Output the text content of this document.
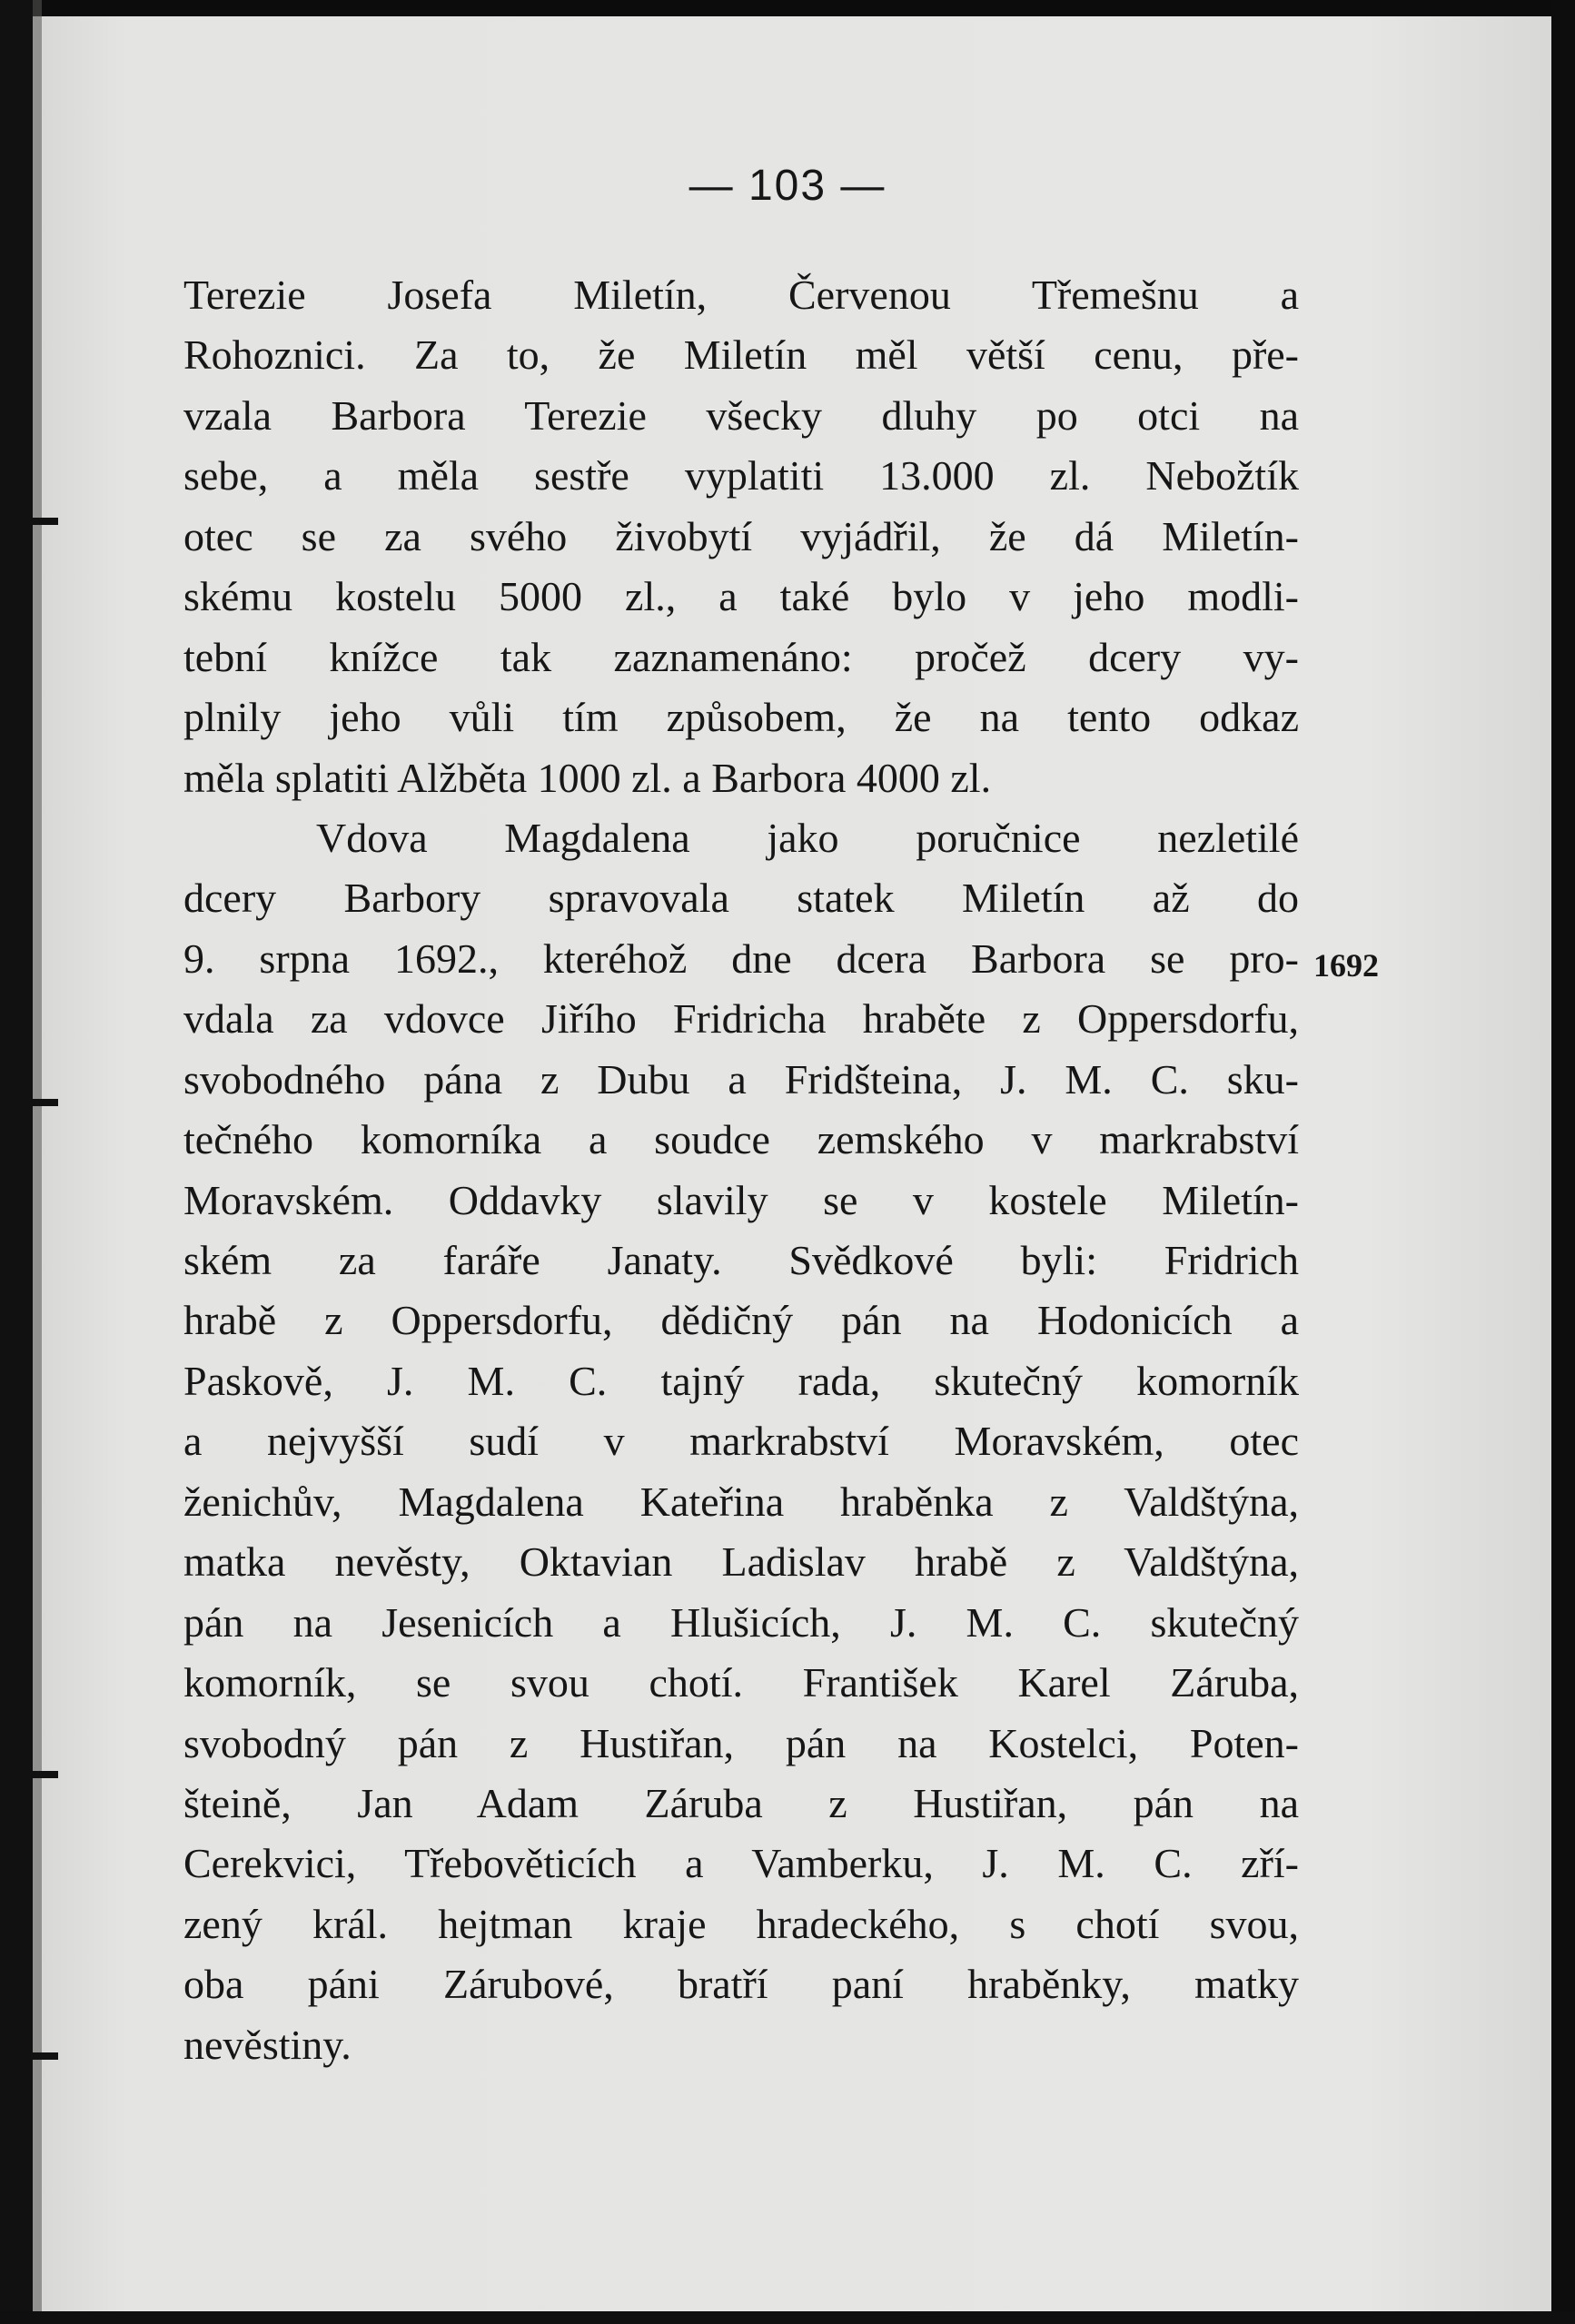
— 103 —
Terezie Josefa Miletín, Červenou Třemešnu a
Rohoznici. Za to, že Miletín měl větší cenu, pře-
vzala Barbora Terezie všecky dluhy po otci na
sebe, a měla sestře vyplatiti 13.000 zl. Nebožtík
otec se za svého živobytí vyjádřil, že dá Miletín-
skému kostelu 5000 zl., a také bylo v jeho modli-
tební knížce tak zaznamenáno: pročež dcery vy-
plnily jeho vůli tím způsobem, že na tento odkaz
měla splatiti Alžběta 1000 zl. a Barbora 4000 zl.
Vdova Magdalena jako poručnice nezletilé
dcery Barbory spravovala statek Miletín až do
9. srpna 1692., kteréhož dne dcera Barbora se pro-
vdala za vdovce Jiřího Fridricha hraběte z Oppersdorfu,
svobodného pána z Dubu a Fridšteina, J. M. C. sku-
tečného komorníka a soudce zemského v markrabství
Moravském. Oddavky slavily se v kostele Miletín-
ském za faráře Janaty. Svědkové byli: Fridrich
hrabě z Oppersdorfu, dědičný pán na Hodonicích a
Paskově, J. M. C. tajný rada, skutečný komorník
a nejvyšší sudí v markrabství Moravském, otec
ženichův, Magdalena Kateřina hraběnka z Valdštýna,
matka nevěsty, Oktavian Ladislav hrabě z Valdštýna,
pán na Jesenicích a Hlušicích, J. M. C. skutečný
komorník, se svou chotí. František Karel Záruba,
svobodný pán z Hustiřan, pán na Kostelci, Poten-
šteině, Jan Adam Záruba z Hustiřan, pán na
Cerekvici, Třebověticích a Vamberku, J. M. C. zří-
zený král. hejtman kraje hradeckého, s chotí svou,
oba páni Zárubové, bratří paní hraběnky, matky
nevěstiny.
1692
